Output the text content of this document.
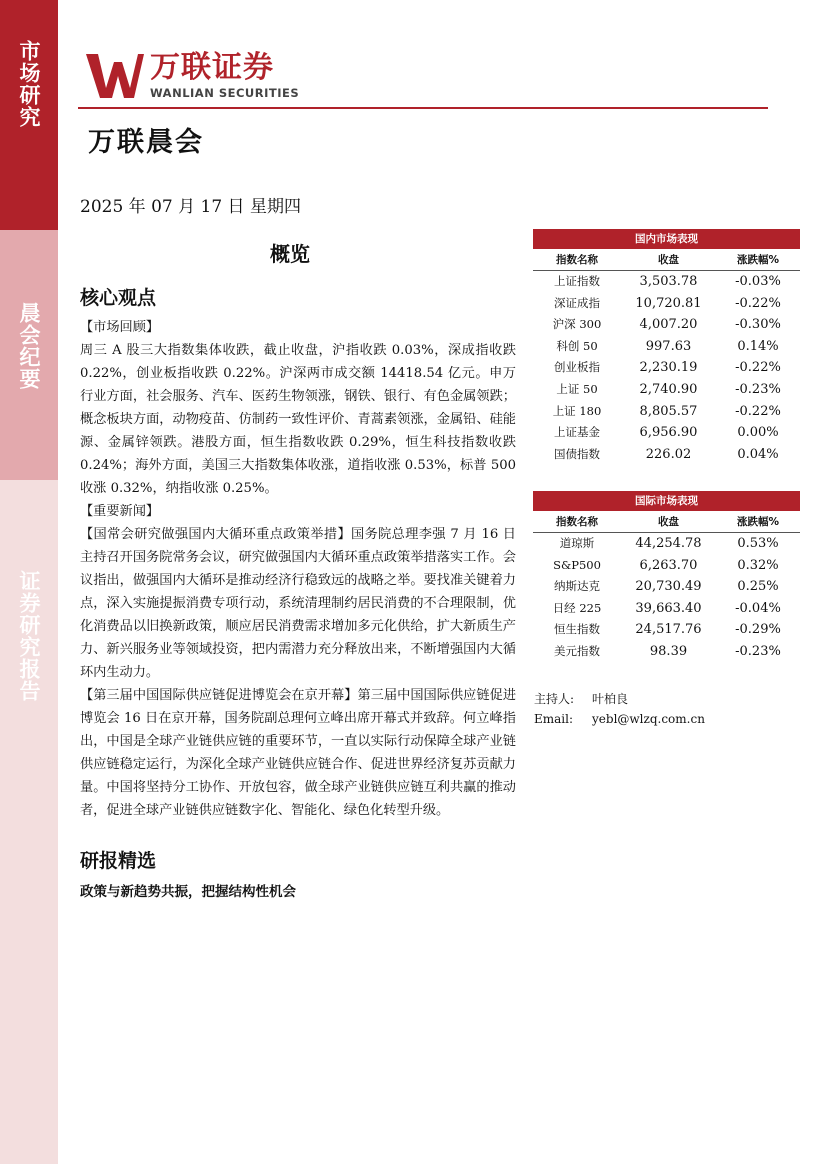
市场研究
晨会纪要
证券研究报告
万联证券
WANLIAN SECURITIES
万联晨会
2025 年 07 月 17 日 星期四
概览
核心观点

【市场回顾】

周三 A 股三大指数集体收跌，截止收盘，沪指收跌 0.03%，深成指收跌 0.22%，创业板指收跌 0.22%。沪深两市成交额 14418.54 亿元。申万行业方面，社会服务、汽车、医药生物领涨，钢铁、银行、有色金属领跌；概念板块方面，动物疫苗、仿制药一致性评价、青蒿素领涨，金属铅、硅能源、金属锌领跌。港股方面，恒生指数收跌 0.29%，恒生科技指数收跌 0.24%；海外方面，美国三大指数集体收涨，道指收涨 0.53%，标普 500 收涨 0.32%，纳指收涨 0.25%。

【重要新闻】

【国常会研究做强国内大循环重点政策举措】国务院总理李强 7 月 16 日主持召开国务院常务会议，研究做强国内大循环重点政策举措落实工作。会议指出，做强国内大循环是推动经济行稳致远的战略之举。要找准关键着力点，深入实施提振消费专项行动，系统清理制约居民消费的不合理限制，优化消费品以旧换新政策，顺应居民消费需求增加多元化供给，扩大新质生产力、新兴服务业等领域投资，把内需潜力充分释放出来，不断增强国内大循环内生动力。

【第三届中国国际供应链促进博览会在京开幕】第三届中国国际供应链促进博览会 16 日在京开幕，国务院副总理何立峰出席开幕式并致辞。何立峰指出，中国是全球产业链供应链的重要环节，一直以实际行动保障全球产业链供应链稳定运行，为深化全球产业链供应链合作、促进世界经济复苏贡献力量。中国将坚持分工协作、开放包容，做全球产业链供应链互利共赢的推动者，促进全球产业链供应链数字化、智能化、绿色化转型升级。

研报精选
政策与新趋势共振，把握结构性机会
国内市场表现
指数名称	收盘	涨跌幅%
上证指数	3,503.78	-0.03%
深证成指	10,720.81	-0.22%
沪深 300	4,007.20	-0.30%
科创 50	997.63	0.14%
创业板指	2,230.19	-0.22%
上证 50	2,740.90	-0.23%
上证 180	8,805.57	-0.22%
上证基金	6,956.90	0.00%
国债指数	226.02	0.04%
国际市场表现
指数名称	收盘	涨跌幅%
道琼斯	44,254.78	0.53%
S&P500	6,263.70	0.32%
纳斯达克	20,730.49	0.25%
日经 225	39,663.40	-0.04%
恒生指数	24,517.76	-0.29%
美元指数	98.39	-0.23%
主持人:	叶柏良
Email:	yebl@wlzq.com.cn
